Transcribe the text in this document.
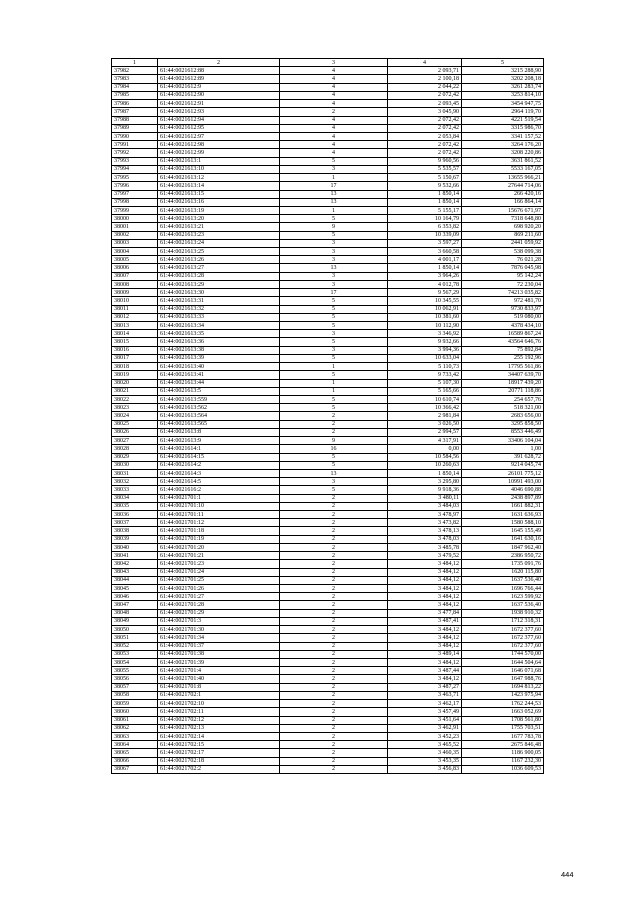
1	2	3	4	5
37982	61:44:0021612:88	4	2 093,71	3215 288,90
37983	61:44:0021612:89	4	2 100,18	3202 208,18
37984	61:44:0021612:9	4	2 044,22	3261 283,74
37985	61:44:0021612:90	4	2 072,42	3253 814,10
37986	61:44:0021612:91	4	2 093,45	3454 947,75
37987	61:44:0021612:93	2	3 045,90	2964 119,70
37988	61:44:0021612:94	4	2 072,42	4221 519,54
37989	61:44:0021612:95	4	2 072,42	3315 986,70
37990	61:44:0021612:97	4	2 053,84	3341 157,52
37991	61:44:0021612:98	4	2 072,42	3264 176,20
37992	61:44:0021612:99	4	2 072,42	3208 220,86
37993	61:44:0021613:1	5	9 960,56	3631 861,52
37994	61:44:0021613:10	3	5 535,57	5533 167,05
37995	61:44:0021613:12	1	5 150,67	13655 966,21
37996	61:44:0021613:14	17	9 532,66	27644 714,06
37997	61:44:0021613:15	13	1 850,14	266 420,16
37998	61:44:0021613:16	13	1 850,14	166 864,14
37999	61:44:0021613:19	1	5 155,17	15676 671,97
38000	61:44:0021613:20	5	10 164,79	7318 648,80
38001	61:44:0021613:21	9	6 353,82	698 920,20
38002	61:44:0021613:23	5	10 339,09	869 211,60
38003	61:44:0021613:24	3	3 597,27	2441 059,92
38004	61:44:0021613:25	3	3 660,58	538 099,38
38005	61:44:0021613:26	3	4 001,17	76 021,28
38006	61:44:0021613:27	13	1 850,14	7876 045,98
38007	61:44:0021613:28	3	3 964,26	95 142,24
38008	61:44:0021613:29	3	4 012,78	72 230,04
38009	61:44:0021613:30	17	9 567,29	74213 035,82
38010	61:44:0021613:31	5	10 345,55	972 481,70
38011	61:44:0021613:32	5	10 062,91	9730 833,97
38012	61:44:0021613:33	5	10 381,60	519 080,00
38013	61:44:0021613:34	5	10 112,90	4378 434,10
38014	61:44:0021613:35	3	3 346,92	16589 867,24
38015	61:44:0021613:36	5	9 932,66	43564 646,76
38016	61:44:0021613:38	3	3 994,36	75 892,84
38017	61:44:0021613:39	5	10 633,04	255 192,96
38018	61:44:0021613:40	1	5 110,73	17795 561,86
38019	61:44:0021613:41	5	9 733,42	34407 639,70
38020	61:44:0021613:44	1	5 107,30	18917 439,20
38021	61:44:0021613:5	1	5 165,66	20771 118,86
38022	61:44:0021613:559	5	10 610,74	254 657,76
38023	61:44:0021613:562	5	10 366,42	518 321,00
38024	61:44:0021613:564	2	2 981,84	2683 656,00
38025	61:44:0021613:565	2	3 026,50	3295 858,50
38026	61:44:0021613:8	2	2 994,57	8553 446,49
38027	61:44:0021613:9	9	4 317,91	33406 104,04
38028	61:44:0021614:1	16	0,00	1,00
38029	61:44:0021614:15	5	10 584,56	391 628,72
38030	61:44:0021614:2	5	10 260,63	9214 045,74
38031	61:44:0021614:3	13	1 850,14	26101 775,12
38032	61:44:0021614:5	3	3 295,80	10991 493,00
38033	61:44:0021616:2	5	9 918,36	4046 690,88
38034	61:44:0021701:1	2	3 480,11	2438 897,89
38035	61:44:0021701:10	2	3 484,03	1661 882,31
38036	61:44:0021701:11	2	3 478,97	1631 636,93
38037	61:44:0021701:12	2	3 473,82	1580 588,10
38038	61:44:0021701:18	2	3 478,13	1645 155,49
38039	61:44:0021701:19	2	3 478,03	1641 630,16
38040	61:44:0021701:20	2	3 485,78	1847 962,40
38041	61:44:0021701:21	2	3 479,52	2386 950,72
38042	61:44:0021701:23	2	3 484,12	1735 091,76
38043	61:44:0021701:24	2	3 484,12	1620 115,80
38044	61:44:0021701:25	2	3 484,12	1637 536,40
38045	61:44:0021701:26	2	3 484,12	1696 766,44
38046	61:44:0021701:27	2	3 484,12	1623 599,92
38047	61:44:0021701:28	2	3 484,12	1637 536,40
38048	61:44:0021701:29	2	3 477,84	1938 910,32
38049	61:44:0021701:3	2	3 487,41	1712 318,31
38050	61:44:0021701:30	2	3 484,12	1672 377,60
38051	61:44:0021701:34	2	3 484,12	1672 377,60
38052	61:44:0021701:37	2	3 484,12	1672 377,60
38053	61:44:0021701:38	2	3 489,14	1744 570,00
38054	61:44:0021701:39	2	3 484,12	1644 504,64
38055	61:44:0021701:4	2	3 487,44	1646 071,68
38056	61:44:0021701:40	2	3 484,12	1647 988,76
38057	61:44:0021701:8	2	3 487,27	1694 813,22
38058	61:44:0021702:1	2	3 463,71	1423 975,94
38059	61:44:0021702:10	2	3 462,17	1762 244,53
38060	61:44:0021702:11	2	3 457,49	1663 052,69
38061	61:44:0021702:12	2	3 451,64	1708 561,80
38062	61:44:0021702:13	2	3 462,91	1755 703,51
38063	61:44:0021702:14	2	3 452,23	1677 783,78
38064	61:44:0021702:15	2	3 465,52	2675 846,48
38065	61:44:0021702:17	2	3 460,35	1186 900,05
38066	61:44:0021702:18	2	3 453,35	1167 232,30
38067	61:44:0021702:2	2	3 456,83	1036 609,53
444
